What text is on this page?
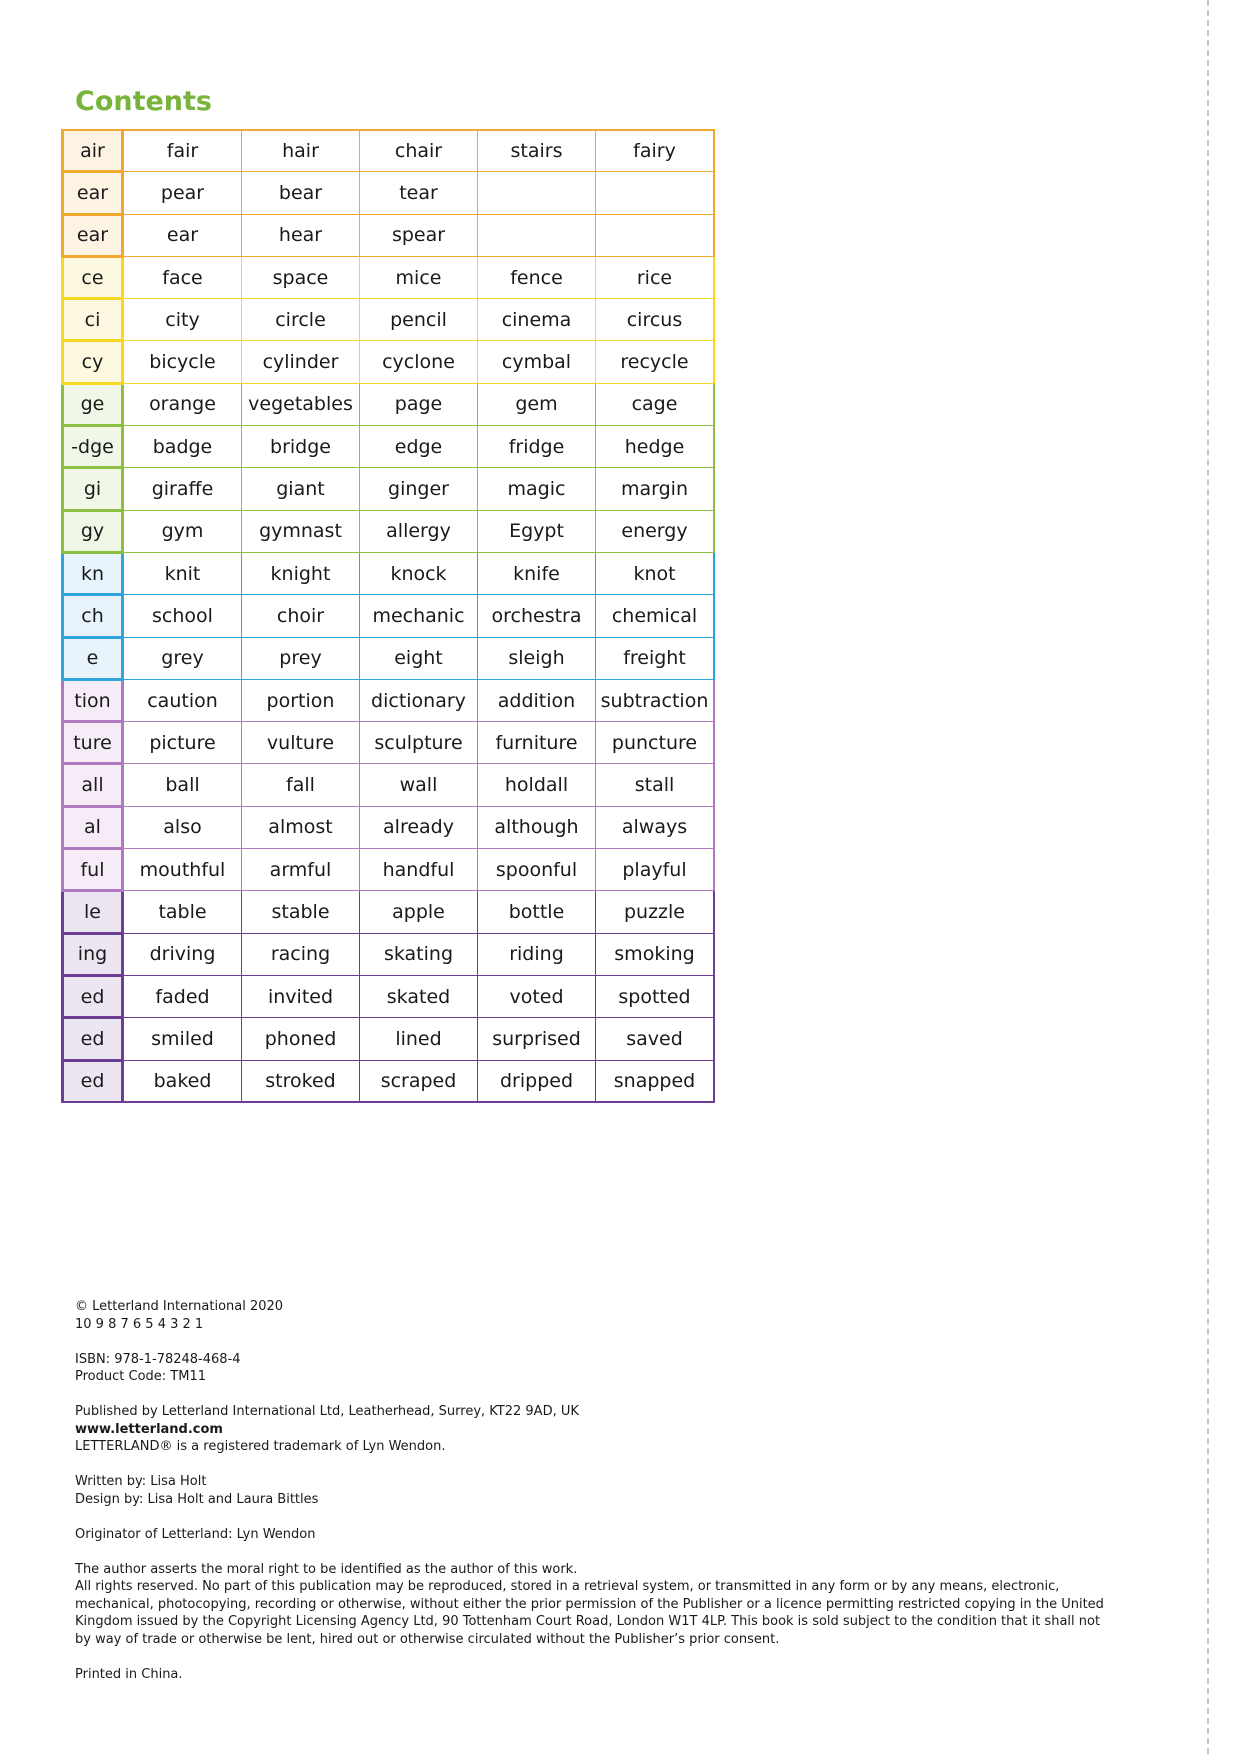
Contents
air	fair	hair	chair	stairs	fairy
ear	pear	bear	tear		
ear	ear	hear	spear		
ce	face	space	mice	fence	rice
ci	city	circle	pencil	cinema	circus
cy	bicycle	cylinder	cyclone	cymbal	recycle
ge	orange	vegetables	page	gem	cage
-dge	badge	bridge	edge	fridge	hedge
gi	giraffe	giant	ginger	magic	margin
gy	gym	gymnast	allergy	Egypt	energy
kn	knit	knight	knock	knife	knot
ch	school	choir	mechanic	orchestra	chemical
e	grey	prey	eight	sleigh	freight
tion	caution	portion	dictionary	addition	subtraction
ture	picture	vulture	sculpture	furniture	puncture
all	ball	fall	wall	holdall	stall
al	also	almost	already	although	always
ful	mouthful	armful	handful	spoonful	playful
le	table	stable	apple	bottle	puzzle
ing	driving	racing	skating	riding	smoking
ed	faded	invited	skated	voted	spotted
ed	smiled	phoned	lined	surprised	saved
ed	baked	stroked	scraped	dripped	snapped

© Letterland International 2020
10 9 8 7 6 5 4 3 2 1

ISBN: 978-1-78248-468-4
Product Code: TM11

Published by Letterland International Ltd, Leatherhead, Surrey, KT22 9AD, UK
www.letterland.com
LETTERLAND® is a registered trademark of Lyn Wendon.

Written by: Lisa Holt
Design by: Lisa Holt and Laura Bittles

Originator of Letterland: Lyn Wendon

The author asserts the moral right to be identified as the author of this work.
All rights reserved. No part of this publication may be reproduced, stored in a retrieval system, or transmitted in any form or by any means, electronic, mechanical, photocopying, recording or otherwise, without either the prior permission of the Publisher or a licence permitting restricted copying in the United Kingdom issued by the Copyright Licensing Agency Ltd, 90 Tottenham Court Road, London W1T 4LP. This book is sold subject to the condition that it shall not by way of trade or otherwise be lent, hired out or otherwise circulated without the Publisher’s prior consent.

Printed in China.
